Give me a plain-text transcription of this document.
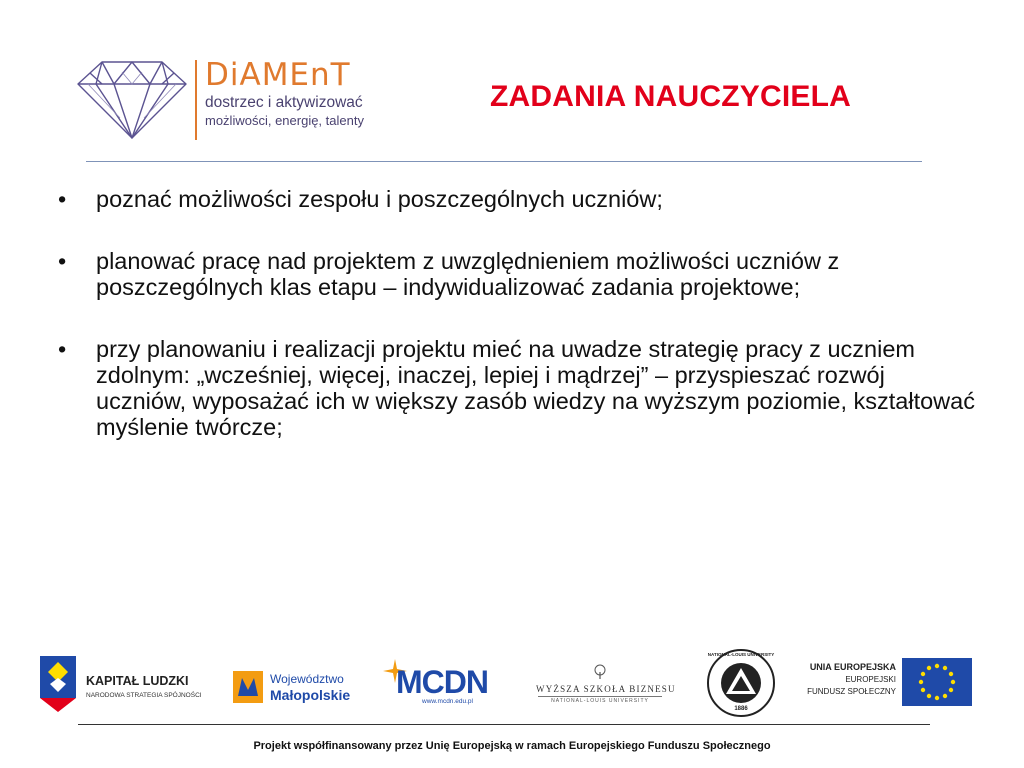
DiAMEnT
dostrzec i aktywizować
możliwości, energię, talenty
ZADANIA NAUCZYCIELA
• poznać możliwości zespołu i poszczególnych uczniów;
• planować pracę nad projektem z uwzględnieniem możliwości uczniów z poszczególnych klas etapu – indywidualizować zadania projektowe;
• przy planowaniu i realizacji projektu mieć na uwadze strategię pracy z uczniem zdolnym: „wcześniej, więcej, inaczej, lepiej i mądrzej” – przyspieszać rozwój uczniów, wyposażać ich w większy zasób wiedzy na wyższym poziomie, kształtować myślenie twórcze;
KAPITAŁ LUDZKI
NARODOWA STRATEGIA SPÓJNOŚCI
Województwo
Małopolskie MCDN
www.mcdn.edu.pl
WYŻSZA SZKOŁA BIZNESU
NATIONAL-LOUIS UNIVERSITY
NATIONAL-LOUIS UNIVERSITY
1886
UNIA EUROPEJSKA
EUROPEJSKI
FUNDUSZ SPOŁECZNY
Projekt współfinansowany przez Unię Europejską w ramach Europejskiego Funduszu Społecznego
